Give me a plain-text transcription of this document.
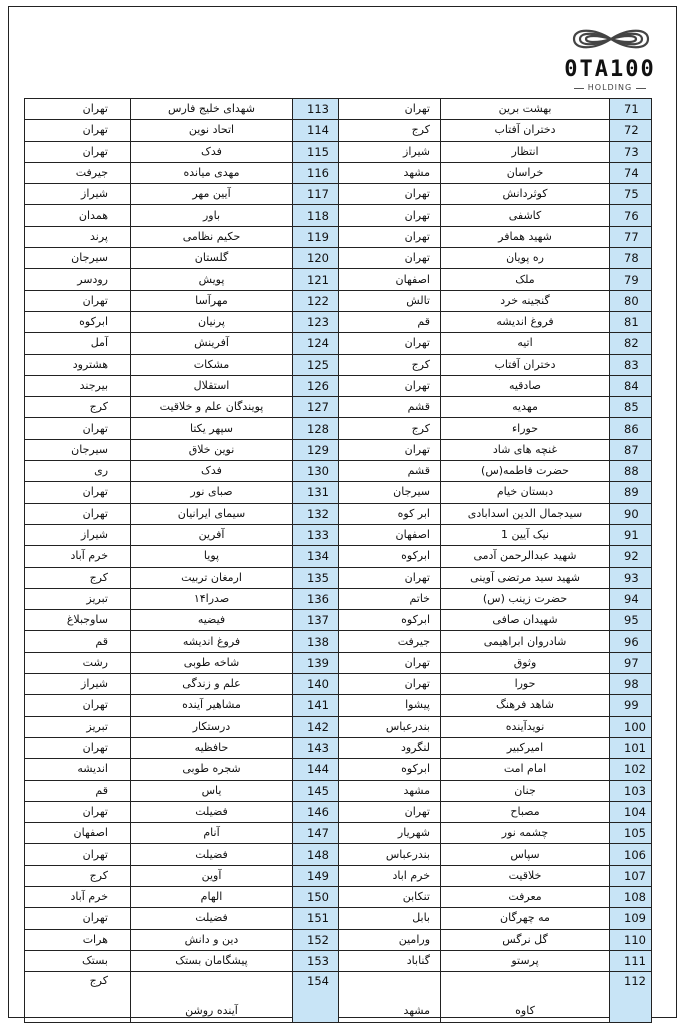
0TA100
HOLDING
تهران	شهدای خلیج فارس	113	تهران	بهشت برین	71
تهران	اتحاد نوین	114	کرج	دختران آفتاب	72
تهران	فدک	115	شیراز	انتظار	73
جیرفت	مهدی میانده	116	مشهد	خراسان	74
شیراز	آیین مهر	117	تهران	کوثردانش	75
همدان	باور	118	تهران	کاشفی	76
پرند	حکیم نظامی	119	تهران	شهید همافر	77
سیرجان	گلستان	120	تهران	ره پویان	78
رودسر	پویش	121	اصفهان	ملک	79
تهران	مهرآسا	122	تالش	گنجینه خرد	80
ابرکوه	پرنیان	123	قم	فروغ اندیشه	81
آمل	آفرینش	124	تهران	اتیه	82
هشترود	مشکات	125	کرج	دختران آفتاب	83
بیرجند	استقلال	126	تهران	صادقیه	84
کرج	پویندگان علم و خلاقیت	127	قشم	مهدیه	85
تهران	سپهر یکتا	128	کرج	حوراء	86
سیرجان	نوین خلاق	129	تهران	غنچه های شاد	87
ری	فدک	130	قشم	حضرت فاطمه(س)	88
تهران	صبای نور	131	سیرجان	دبستان خیام	89
تهران	سیمای ایرانیان	132	ابر کوه	سیدجمال الدین اسدابادی	90
شیراز	آفرین	133	اصفهان	نیک آیین 1	91
خرم آباد	پویا	134	ابرکوه	شهید عبدالرحمن آدمی	92
کرج	ارمغان تربیت	135	تهران	شهید سید مرتضی آوینی	93
تبریز	صدرا۱۴	136	خاتم	حضرت زینب (س)	94
ساوجبلاغ	فیضیه	137	ابرکوه	شهیدان صافی	95
قم	فروغ اندیشه	138	جیرفت	شادروان ابراهیمی	96
رشت	شاخه طوبی	139	تهران	وثوق	97
شیراز	علم و زندگی	140	تهران	حورا	98
تهران	مشاهیر آینده	141	پیشوا	شاهد فرهنگ	99
تبریز	درستکار	142	بندرعباس	نویدآینده	100
تهران	حافظیه	143	لنگرود	امیرکبیر	101
اندیشه	شجره طوبی	144	ابرکوه	امام امت	102
قم	یاس	145	مشهد	جنان	103
تهران	فضیلت	146	تهران	مصباح	104
اصفهان	آنام	147	شهریار	چشمه نور	105
تهران	فضیلت	148	بندرعباس	سپاس	106
کرج	آوین	149	خرم اباد	خلاقیت	107
خرم آباد	الهام	150	تنکابن	معرفت	108
تهران	فضیلت	151	بابل	مه چهرگان	109
هرات	دین و دانش	152	ورامین	گل نرگس	110
بستک	پیشگامان بستک	153	گناباد	پرستو	111
کرج	آینده روشن	154	مشهد	کاوه	112
